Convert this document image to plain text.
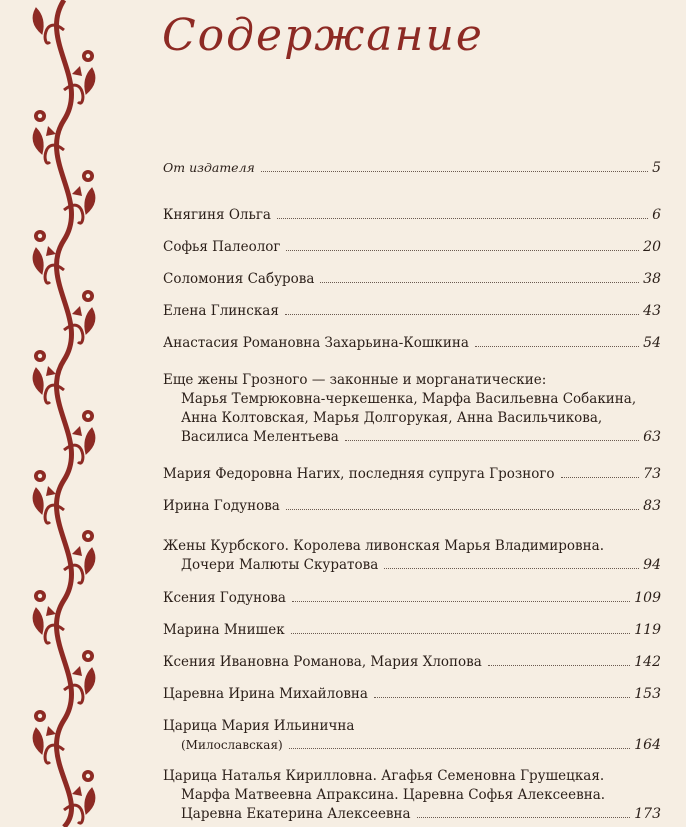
Содержание
От издателя	5
Княгиня Ольга	6
Софья Палеолог	20
Соломония Сабурова	38
Елена Глинская	43
Анастасия Романовна Захарьина-Кошкина	54
Еще жены Грозного — законные и морганатические:
Марья Темрюковна-черкешенка, Марфа Васильевна Собакина,
Анна Колтовская, Марья Долгорукая, Анна Васильчикова,
Василиса Мелентьева	63
Мария Федоровна Нагих, последняя супруга Грозного	73
Ирина Годунова	83
Жены Курбского. Королева ливонская Марья Владимировна.
Дочери Малюты Скуратова	94
Ксения Годунова	109
Марина Мнишек	119
Ксения Ивановна Романова, Мария Хлопова	142
Царевна Ирина Михайловна	153
Царица Мария Ильинична
(Милославская)	164
Царица Наталья Кирилловна. Агафья Семеновна Грушецкая.
Марфа Матвеевна Апраксина. Царевна Софья Алексеевна.
Царевна Екатерина Алексеевна	173
